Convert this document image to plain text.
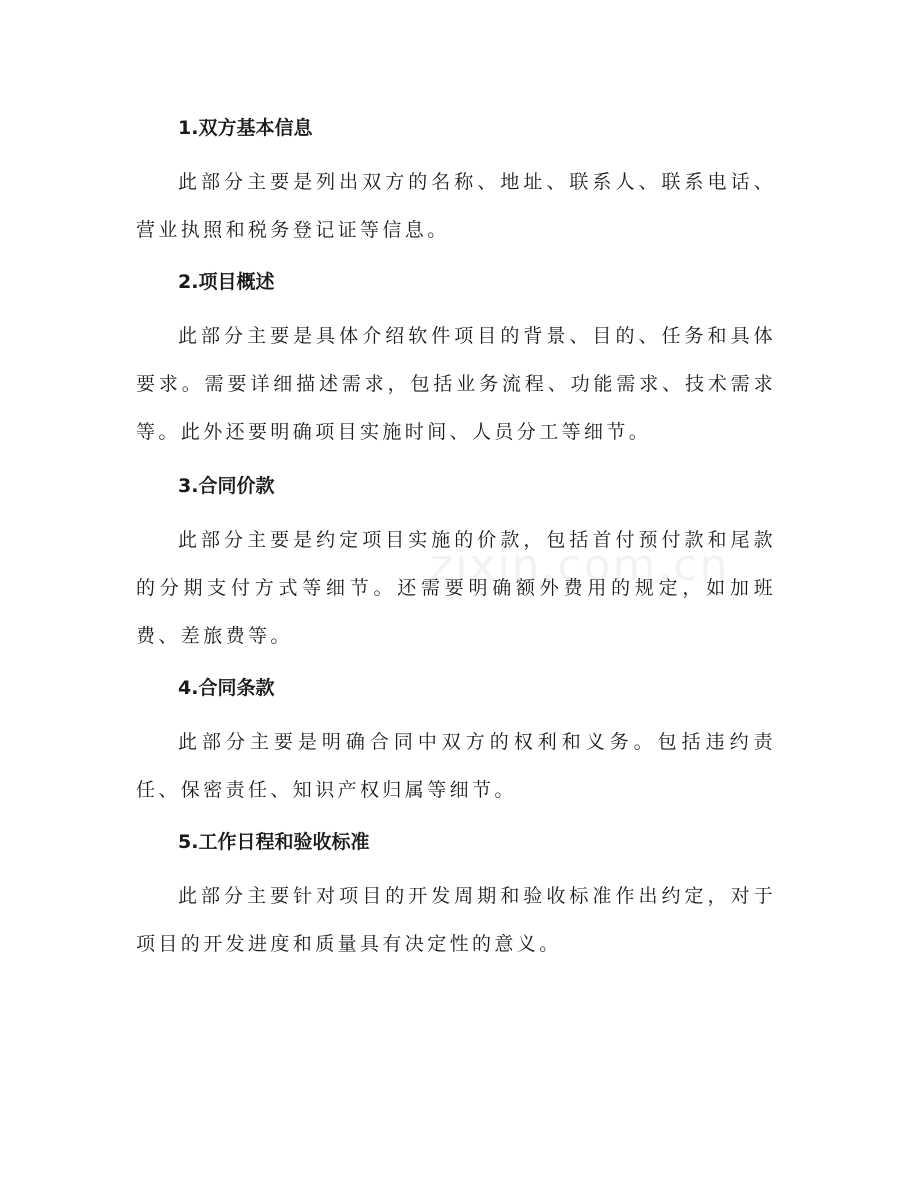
1.双方基本信息
此部分主要是列出双方的名称、地址、联系人、联系电话、营业执照和税务登记证等信息。
2.项目概述
此部分主要是具体介绍软件项目的背景、目的、任务和具体要求。需要详细描述需求，包括业务流程、功能需求、技术需求等。此外还要明确项目实施时间、人员分工等细节。
3.合同价款
此部分主要是约定项目实施的价款，包括首付预付款和尾款的分期支付方式等细节。还需要明确额外费用的规定，如加班费、差旅费等。
4.合同条款
此部分主要是明确合同中双方的权利和义务。包括违约责任、保密责任、知识产权归属等细节。
5.工作日程和验收标准
此部分主要针对项目的开发周期和验收标准作出约定，对于项目的开发进度和质量具有决定性的意义。
zixin.com.cn
